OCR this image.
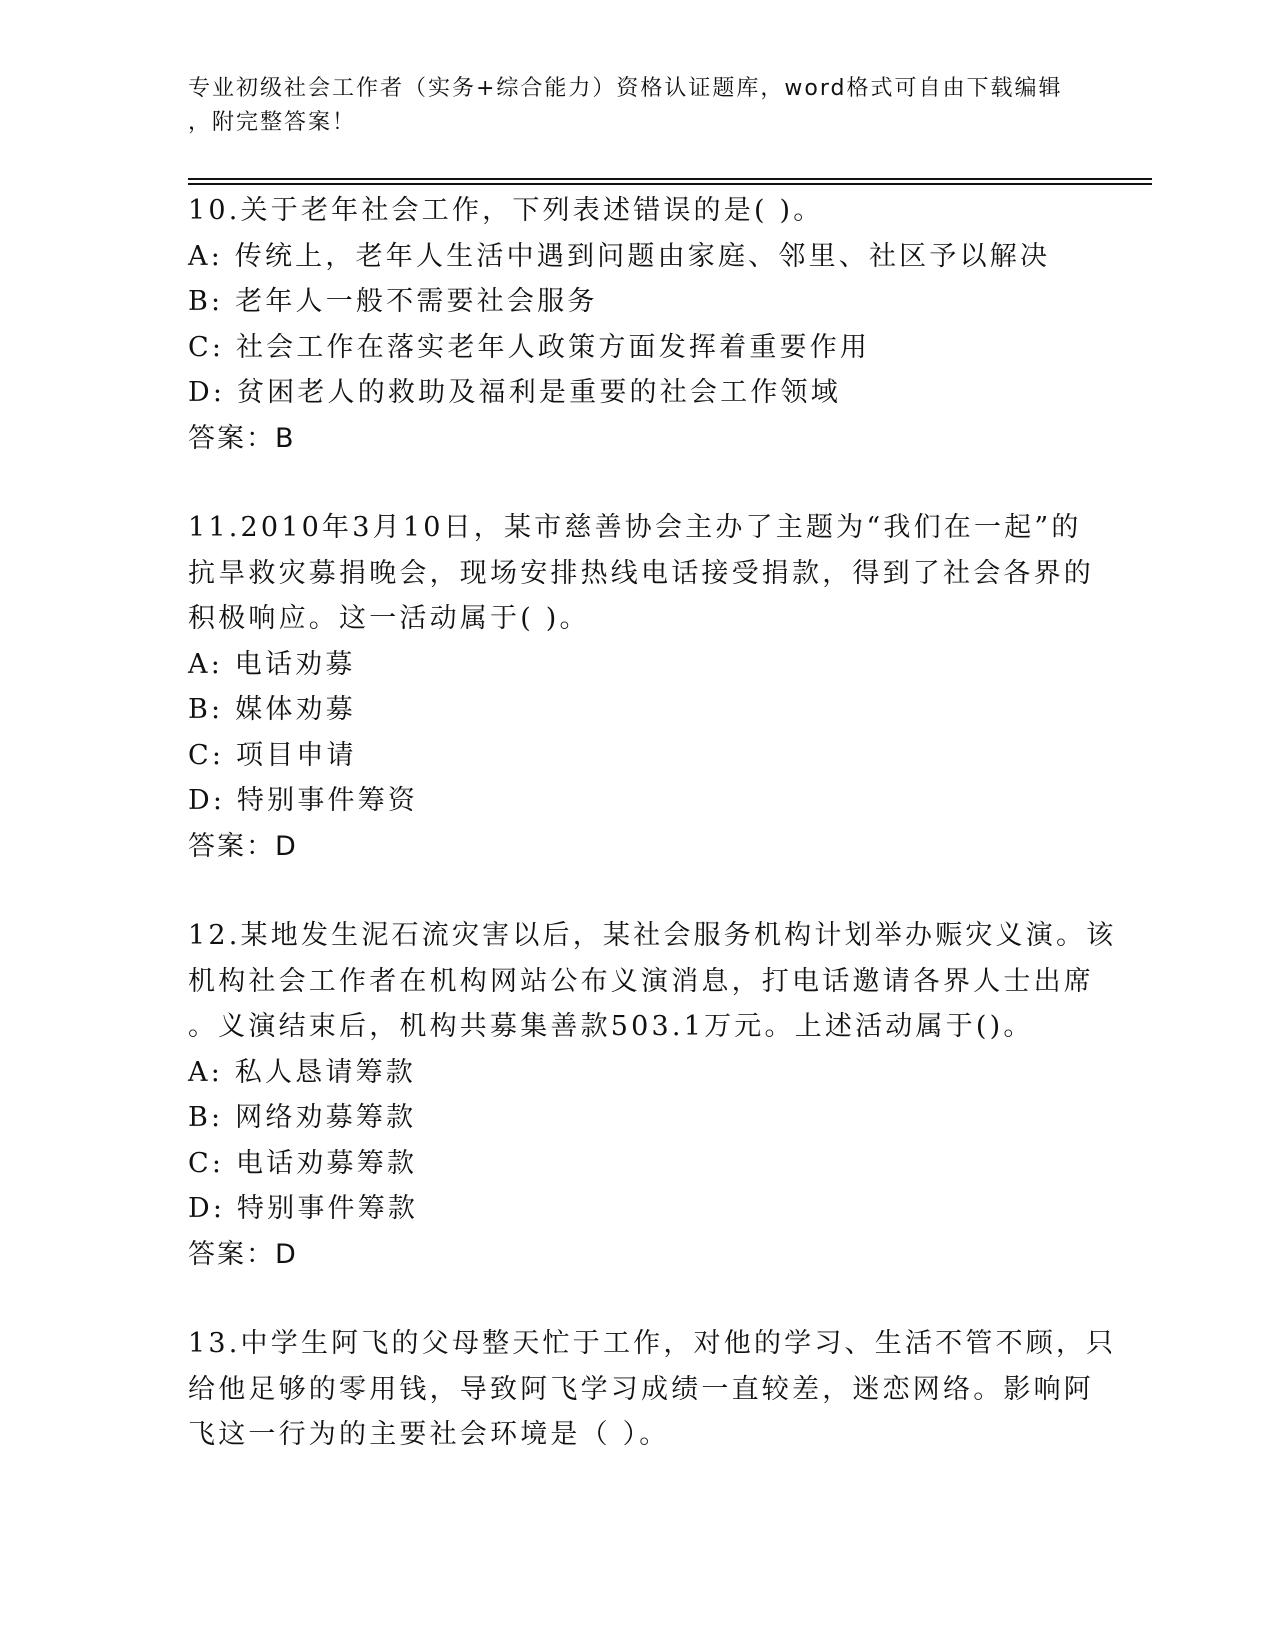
专业初级社会工作者（实务+综合能力）资格认证题库，word格式可自由下载编辑
，附完整答案！
10.关于老年社会工作，下列表述错误的是( )。
A: 传统上，老年人生活中遇到问题由家庭、邻里、社区予以解决
B: 老年人一般不需要社会服务
C: 社会工作在落实老年人政策方面发挥着重要作用
D: 贫困老人的救助及福利是重要的社会工作领域
答案：B
11.2010年3月10日，某市慈善协会主办了主题为“我们在一起”的
抗旱救灾募捐晚会，现场安排热线电话接受捐款，得到了社会各界的
积极响应。这一活动属于( )。
A: 电话劝募
B: 媒体劝募
C: 项目申请
D: 特别事件筹资
答案：D
12.某地发生泥石流灾害以后，某社会服务机构计划举办赈灾义演。该
机构社会工作者在机构网站公布义演消息，打电话邀请各界人士出席
。义演结束后，机构共募集善款503.1万元。上述活动属于()。
A: 私人恳请筹款
B: 网络劝募筹款
C: 电话劝募筹款
D: 特别事件筹款
答案：D
13.中学生阿飞的父母整天忙于工作，对他的学习、生活不管不顾，只
给他足够的零用钱，导致阿飞学习成绩一直较差，迷恋网络。影响阿
飞这一行为的主要社会环境是（ ）。
